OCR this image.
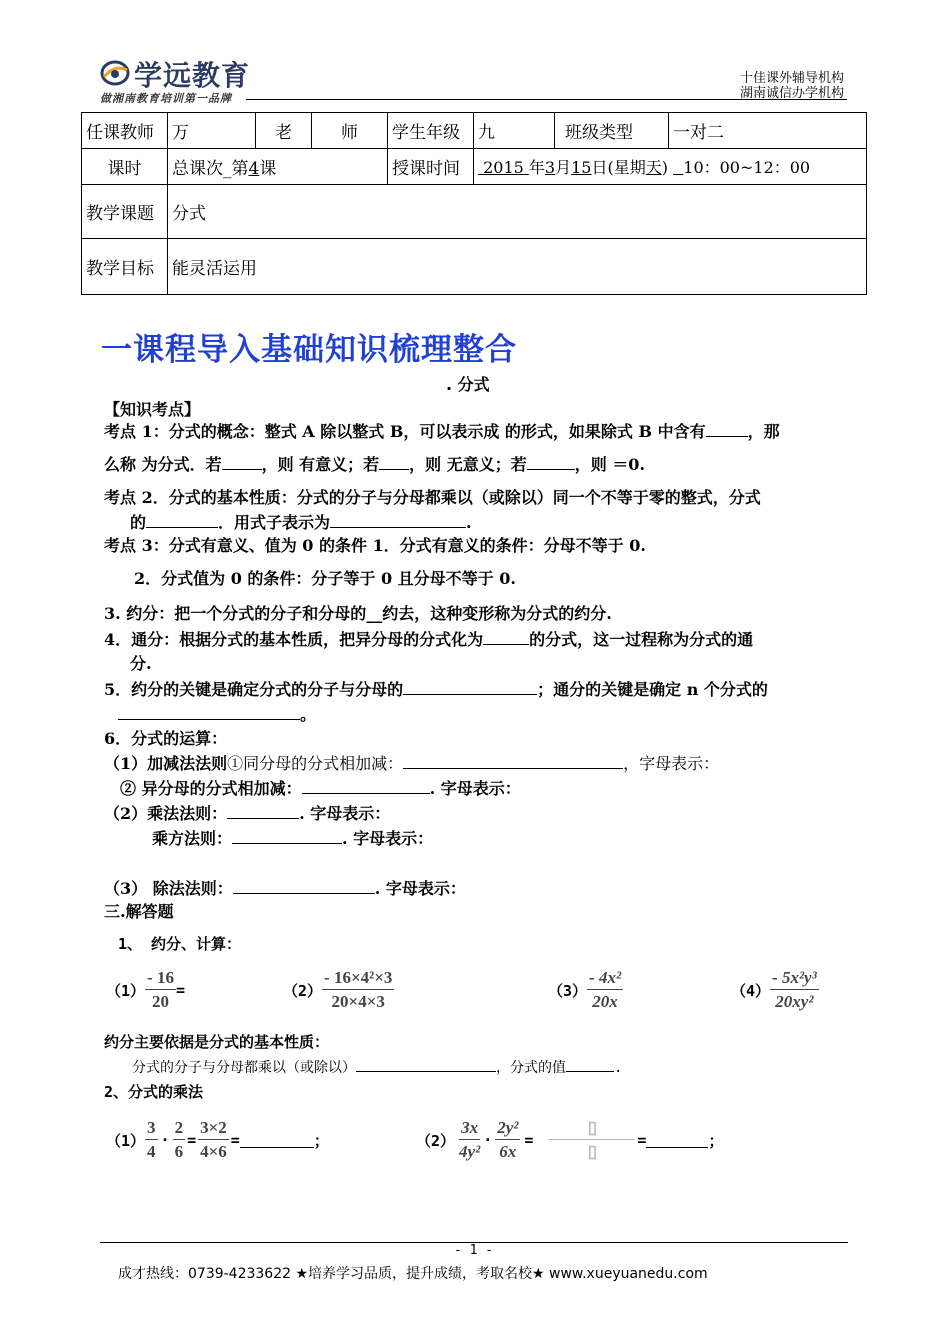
学远教育
做湘南教育培训第一品牌
十佳课外辅导机构
湖南诚信办学机构
任课教师	万	老	师	学生年级	九	班级类型	一对二
课时	总课次_第4课			授课时间	2015 年3月15日(星期天) 10：00~12：00		
教学课题	分式						
教学目标	能灵活运用						
一课程导入基础知识梳理整合
. 分式
【知识考点】
考点 1：分式的概念：整式 A 除以整式 B，可以表示成 的形式，如果除式 B 中含有	，那
么称 为分式．若	，则 有意义；若 ，则 无意义；若	，则 ＝0.
考点 2．分式的基本性质：分式的分子与分母都乘以（或除以）同一个不等于零的整式，分式
的	．用式子表示为	.
考点 3：分式有意义、值为 0 的条件 1．分式有意义的条件：分母不等于 0.
2．分式值为 0 的条件：分子等于 0 且分母不等于 0.
3. 约分：把一个分式的分子和分母的__约去，这种变形称为分式的约分.
4．通分：根据分式的基本性质，把异分母的分式化为	的分式，这一过程称为分式的通
分.
5．约分的关键是确定分式的分子与分母的	；通分的关键是确定 n 个分式的
。
6．分式的运算：
（1）加减法法则①同分母的分式相加减：	，字母表示：
② 异分母的分式相加减：	. 字母表示：
（2）乘法法则：	. 字母表示：
乘方法则：	. 字母表示：
（3） 除法法则：	. 字母表示：
三.解答题
1、 约分、计算：
$(1) \frac{- 16}{20}$ =	$(2) \frac{\text{- 16×4²×3}}{20\times 4\times 3}$	$(3) \frac{\text{- 4x²}}{20x}$	$(4) \frac{\text{- 5x²y³}}{\text{20xy²}}$
约分主要依据是分式的基本性质：
分式的分子与分母都乘以（或除以）	，分式的值	.
2、分式的乘法
$(1) \frac{3}{4} \cdot \frac{2}{6} = \frac{3\times 2}{4\times 6}$ =	；	$(2) \frac{3x}{\text{4y²}} \cdot \frac{\text{2y²}}{6x} = \frac{▯}{▯}$ =	；
- 1 -
成才热线：0739-4233622 ★培养学习品质，提升成绩，考取名校★ www.xueyuanedu.com
